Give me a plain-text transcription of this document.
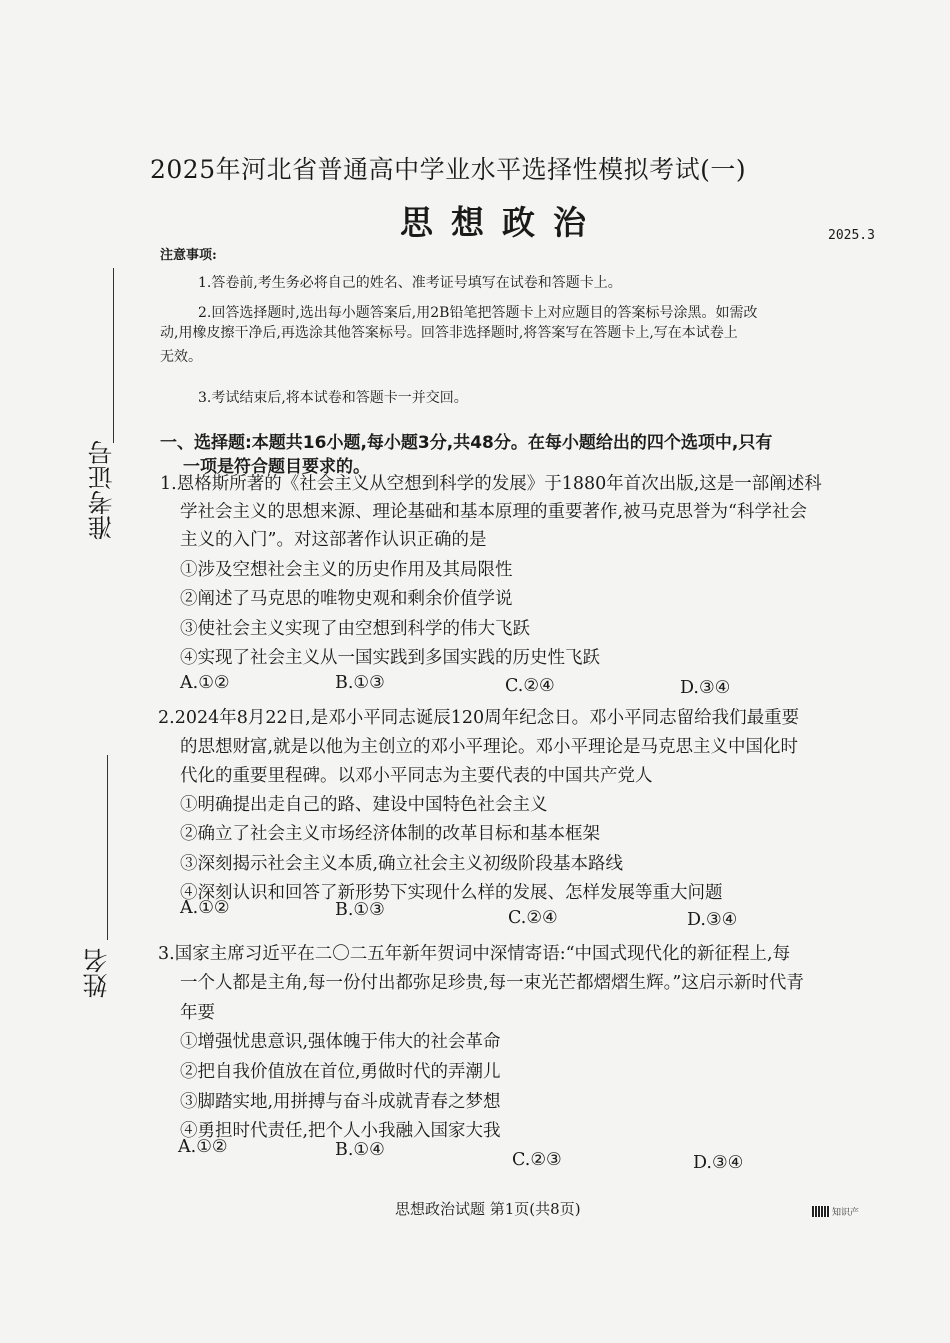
2025年河北省普通高中学业水平选择性模拟考试(一)
思想政治	2025.3
准考证号
姓名
注意事项:
1.答卷前,考生务必将自己的姓名、准考证号填写在试卷和答题卡上。
2.回答选择题时,选出每小题答案后,用2B铅笔把答题卡上对应题目的答案标号涂黑。如需改
动,用橡皮擦干净后,再选涂其他答案标号。回答非选择题时,将答案写在答题卡上,写在本试卷上
无效。
3.考试结束后,将本试卷和答题卡一并交回。
一、选择题:本题共16小题,每小题3分,共48分。在每小题给出的四个选项中,只有
一项是符合题目要求的。
1.恩格斯所著的《社会主义从空想到科学的发展》于1880年首次出版,这是一部阐述科
学社会主义的思想来源、理论基础和基本原理的重要著作,被马克思誉为“科学社会
主义的入门”。对这部著作认识正确的是
①涉及空想社会主义的历史作用及其局限性
②阐述了马克思的唯物史观和剩余价值学说
③使社会主义实现了由空想到科学的伟大飞跃
④实现了社会主义从一国实践到多国实践的历史性飞跃
A.①②	B.①③	C.②④	D.③④
2.2024年8月22日,是邓小平同志诞辰120周年纪念日。邓小平同志留给我们最重要
的思想财富,就是以他为主创立的邓小平理论。邓小平理论是马克思主义中国化时
代化的重要里程碑。以邓小平同志为主要代表的中国共产党人
①明确提出走自己的路、建设中国特色社会主义
②确立了社会主义市场经济体制的改革目标和基本框架
③深刻揭示社会主义本质,确立社会主义初级阶段基本路线
④深刻认识和回答了新形势下实现什么样的发展、怎样发展等重大问题
A.①②	B.①③	C.②④	D.③④
3.国家主席习近平在二〇二五年新年贺词中深情寄语:“中国式现代化的新征程上,每
一个人都是主角,每一份付出都弥足珍贵,每一束光芒都熠熠生辉。”这启示新时代青
年要
①增强忧患意识,强体魄于伟大的社会革命
②把自我价值放在首位,勇做时代的弄潮儿
③脚踏实地,用拼搏与奋斗成就青春之梦想
④勇担时代责任,把个人小我融入国家大我
A.①②	B.①④	C.②③	D.③④
思想政治试题 第1页(共8页)	知识产
